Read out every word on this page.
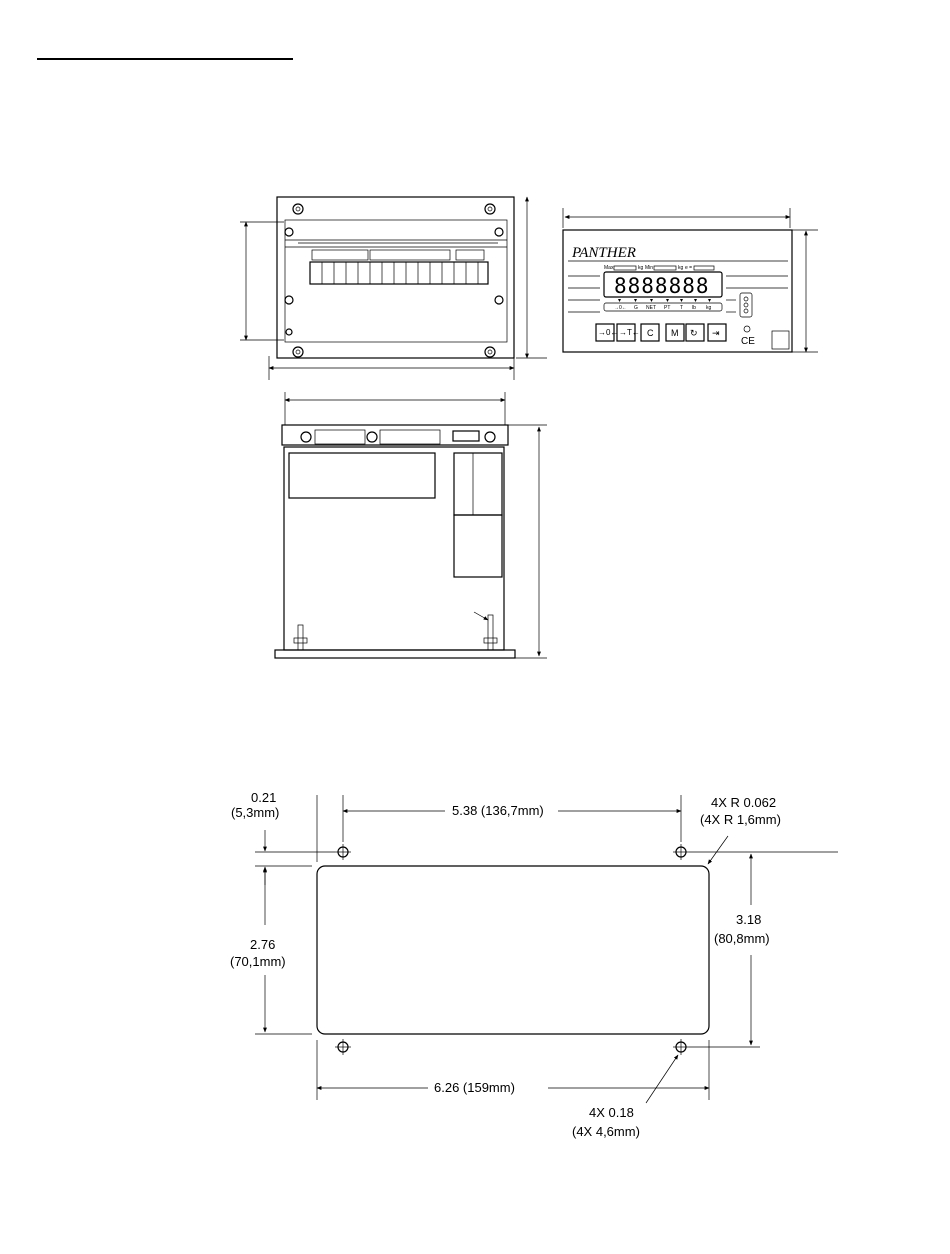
PANTHER
Max	kg Min	kg e =
8888888
→0← G NET PT T lb kg
→0← →T← C M ↻ ⇥
CE
5.38 (136,7mm)
0.21
(5,3mm)
4X R 0.062
(4X R 1,6mm)
2.76
(70,1mm)
3.18
(80,8mm)
6.26 (159mm)
4X 0.18
(4X 4,6mm)
